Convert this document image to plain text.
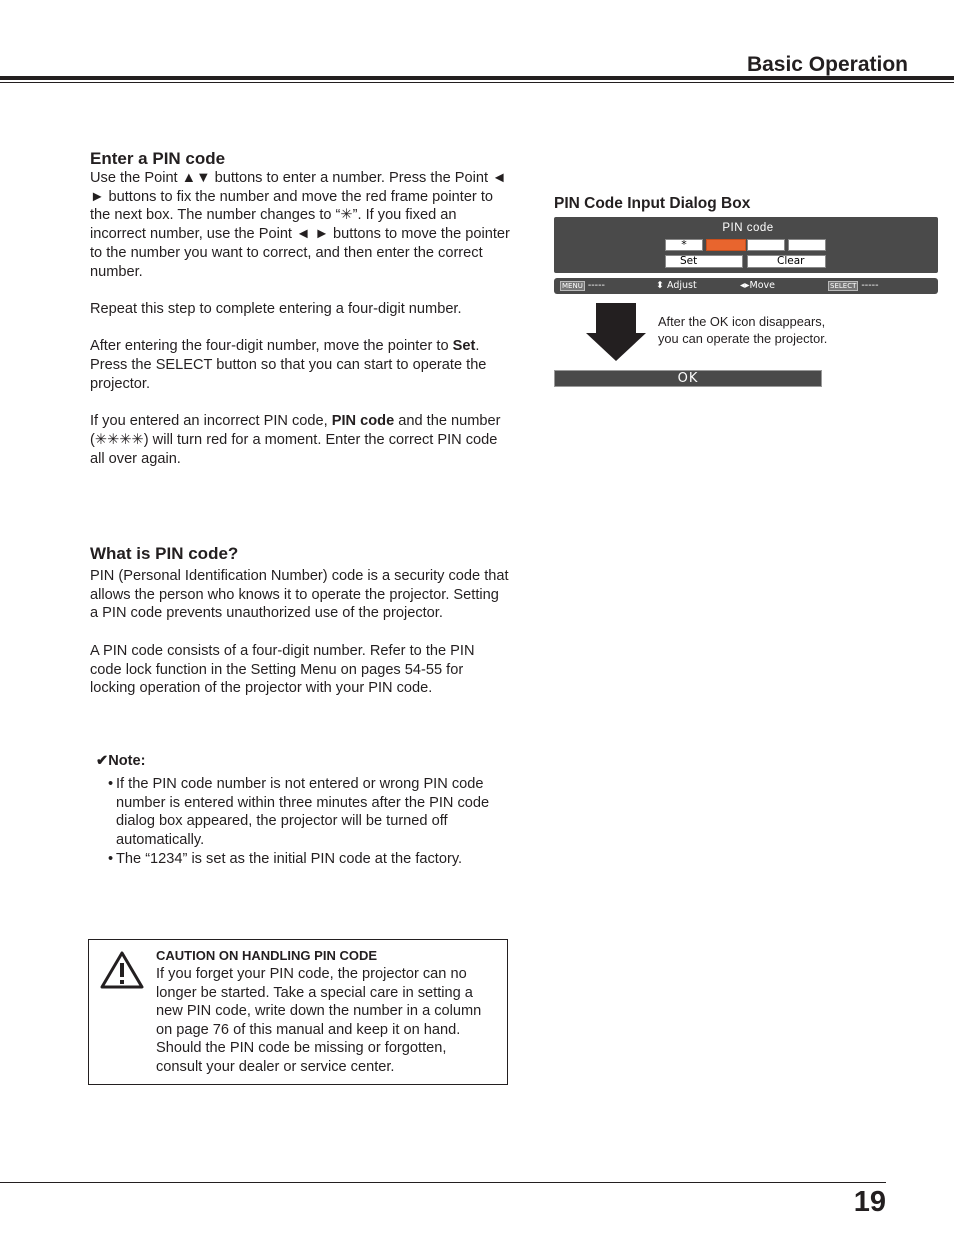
Basic Operation
Enter a PIN code

Use the Point ▲▼ buttons to enter a number. Press the Point ◄ ► buttons to fix the number and move the red frame pointer to the next box. The number changes to “✳”. If you fixed an incorrect number, use the Point ◄ ► buttons to move the pointer to the number you want to correct, and then enter the correct number.

Repeat this step to complete entering a four-digit number.

After entering the four-digit number, move the pointer to Set. Press the SELECT button so that you can start to operate the projector.

If you entered an incorrect PIN code, PIN code and the number (✳✳✳✳) will turn red for a moment. Enter the correct PIN code all over again.

What is PIN code?

PIN (Personal Identification Number) code is a security code that allows the person who knows it to operate the projector. Setting a PIN code prevents unauthorized use of the projector.

A PIN code consists of a four-digit number. Refer to the PIN code lock function in the Setting Menu on pages 54-55 for locking operation of the projector with your PIN code.

✔Note:
• If the PIN code number is not entered or wrong PIN code number is entered within three minutes after the PIN code dialog box appeared, the projector will be turned off automatically.
• The “1234” is set as the initial PIN code at the factory.
CAUTION ON HANDLING PIN CODE

If you forget your PIN code, the projector can no longer be started. Take a special care in setting a new PIN code, write down the number in a column on page 76 of this manual and keep it on hand. Should the PIN code be missing or forgotten, consult your dealer or service center.

PIN Code Input Dialog Box
PIN code
*
Set	Clear
MENU -----	⬍ Adjust	◂▸Move	SELECT -----
After the OK icon disappears,
you can operate the projector.
OK
19
